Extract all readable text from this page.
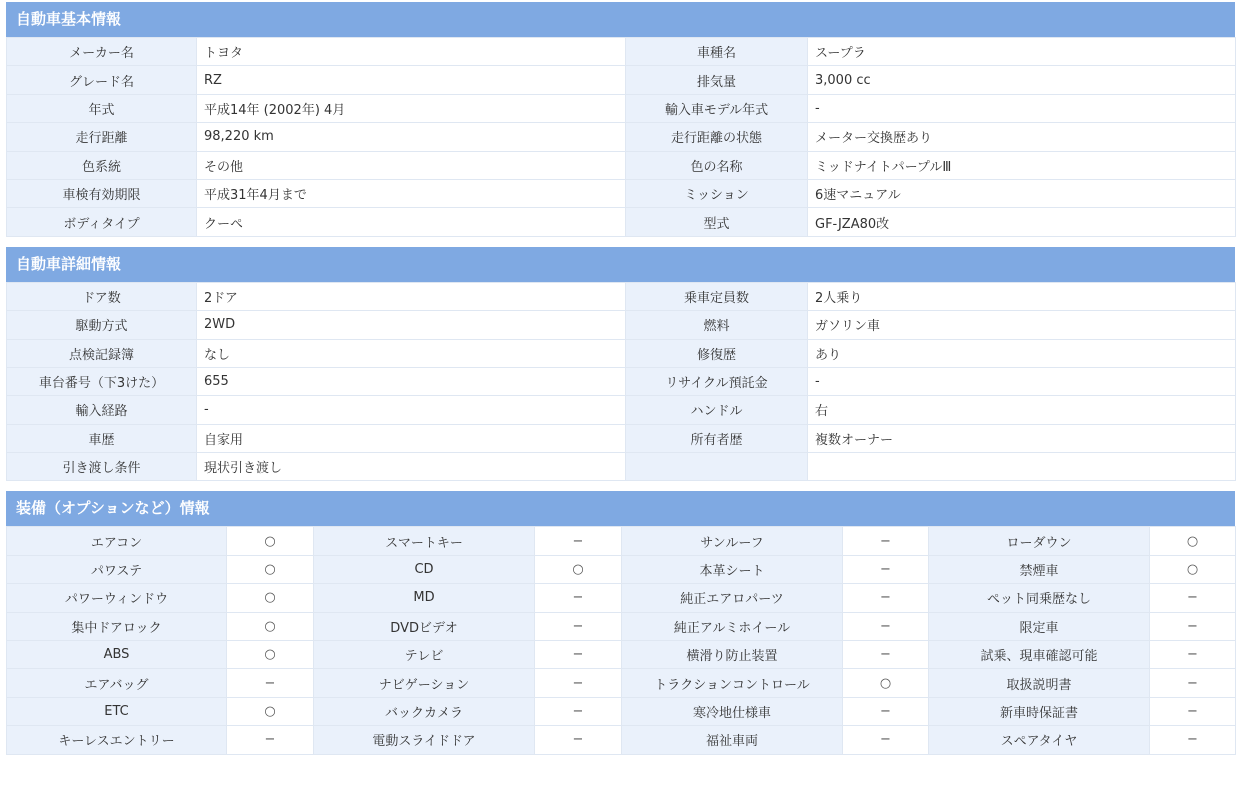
自動車基本情報
メーカー名	トヨタ	車種名	スープラ
グレード名	RZ	排気量	3,000 cc
年式	平成14年 (2002年) 4月	輸入車モデル年式	-
走行距離	98,220 km	走行距離の状態	メーター交換歴あり
色系統	その他	色の名称	ミッドナイトパープルⅢ
車検有効期限	平成31年4月まで	ミッション	6速マニュアル
ボディタイプ	クーペ	型式	GF-JZA80改
自動車詳細情報
ドア数	2ドア	乗車定員数	2人乗り
駆動方式	2WD	燃料	ガソリン車
点検記録簿	なし	修復歴	あり
車台番号（下3けた）	655	リサイクル預託金	-
輸入経路	-	ハンドル	右
車歴	自家用	所有者歴	複数オーナー
引き渡し条件	現状引き渡し		
装備（オプションなど）情報
エアコン	○	スマートキー	−	サンルーフ	−	ローダウン	○
パワステ	○	CD	○	本革シート	−	禁煙車	○
パワーウィンドウ	○	MD	−	純正エアロパーツ	−	ペット同乗歴なし	−
集中ドアロック	○	DVDビデオ	−	純正アルミホイール	−	限定車	−
ABS	○	テレビ	−	横滑り防止装置	−	試乗、現車確認可能	−
エアバッグ	−	ナビゲーション	−	トラクションコントロール	○	取扱説明書	−
ETC	○	バックカメラ	−	寒冷地仕様車	−	新車時保証書	−
キーレスエントリー	−	電動スライドドア	−	福祉車両	−	スペアタイヤ	−
